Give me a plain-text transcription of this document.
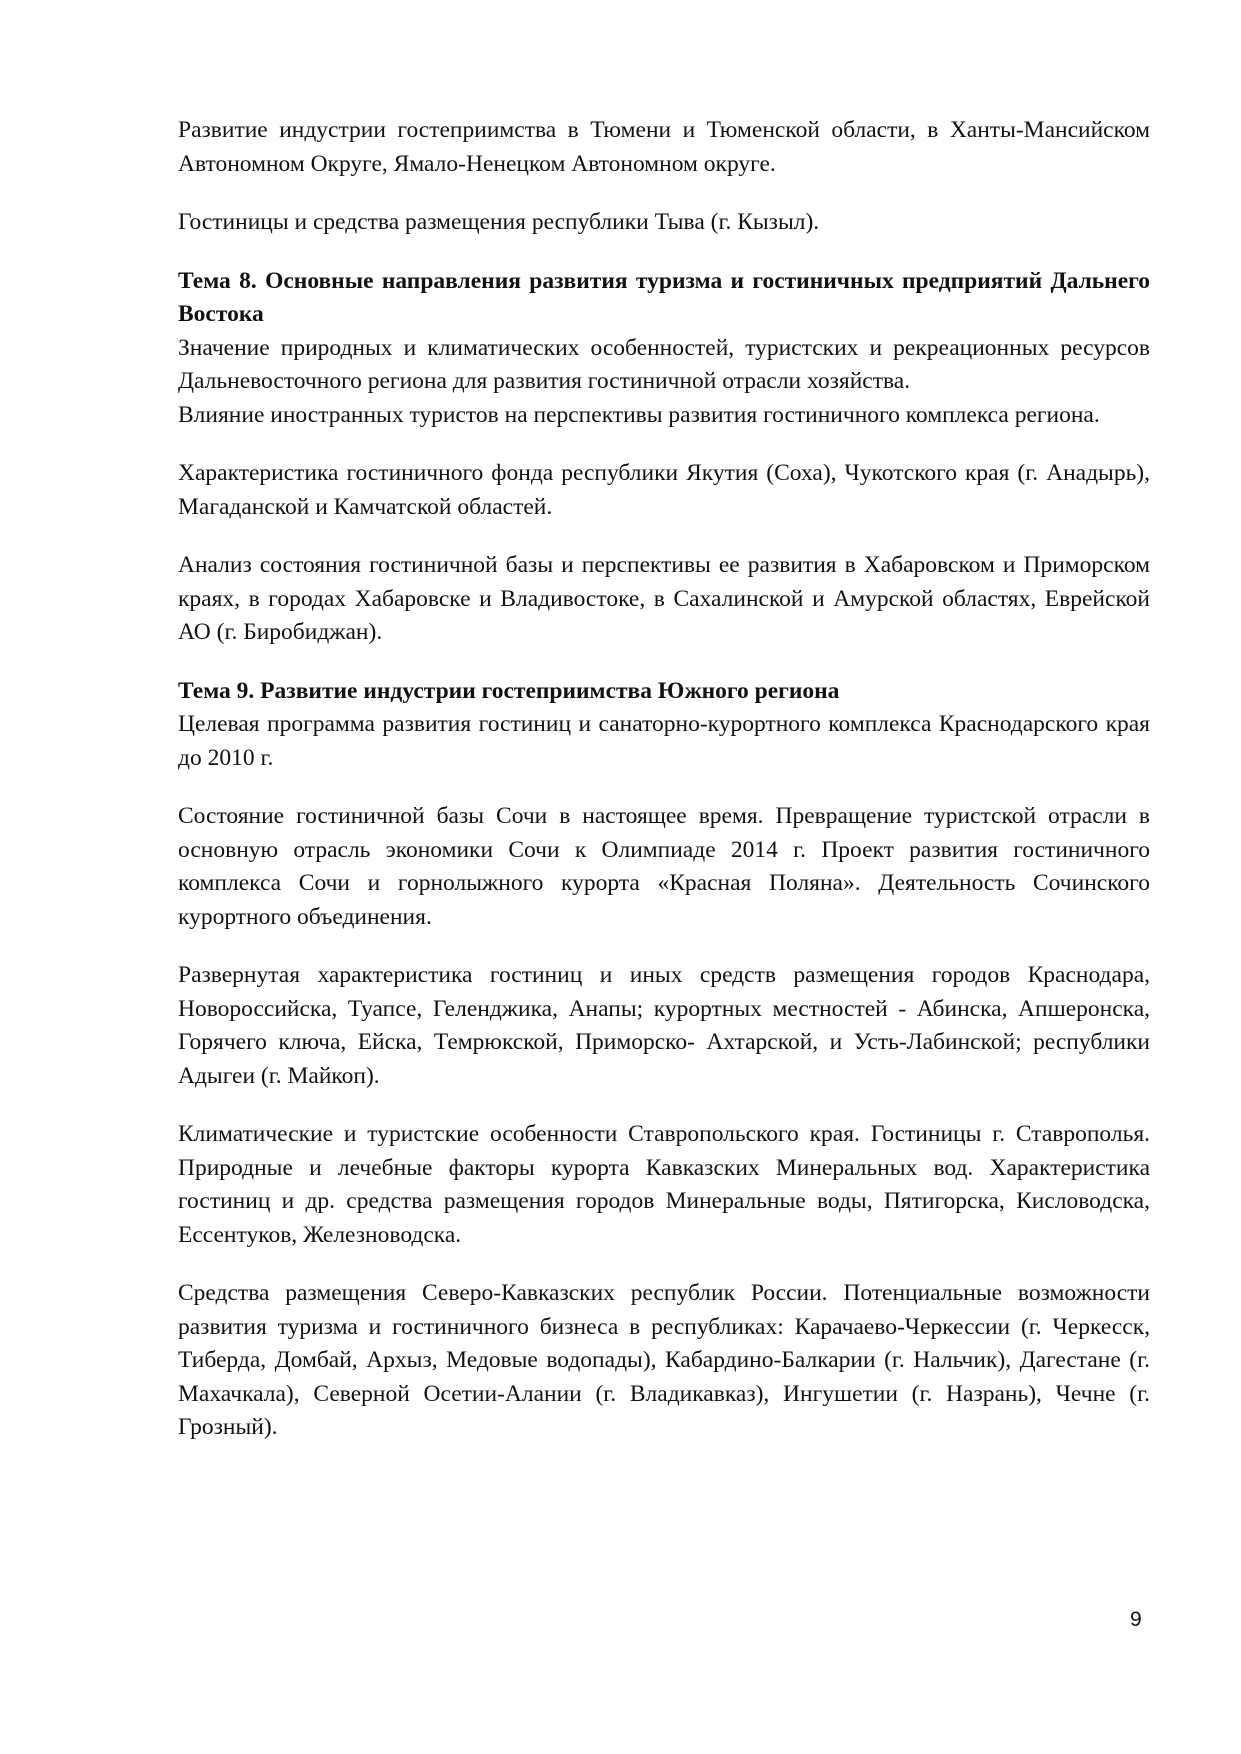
Развитие индустрии гостеприимства в Тюмени и Тюменской области, в Ханты-Мансийском Автономном Округе, Ямало-Ненецком Автономном округе.

Гостиницы и средства размещения республики Тыва (г. Кызыл).

Тема 8. Основные направления развития туризма и гостиничных предприятий Дальнего Востока

Значение природных и климатических особенностей, туристских и рекреационных ресурсов Дальневосточного региона для развития гостиничной отрасли хозяйства.

Влияние иностранных туристов на перспективы развития гостиничного комплекса региона.

Характеристика гостиничного фонда республики Якутия (Соха), Чукотского края (г. Анадырь), Магаданской и Камчатской областей.

Анализ состояния гостиничной базы и перспективы ее развития в Хабаровском и Приморском краях, в городах Хабаровске и Владивостоке, в Сахалинской и Амурской областях, Еврейской АО (г. Биробиджан).

Тема 9. Развитие индустрии гостеприимства Южного региона

Целевая программа развития гостиниц и санаторно-курортного комплекса Краснодарского края до 2010 г.

Состояние гостиничной базы Сочи в настоящее время. Превращение туристской отрасли в основную отрасль экономики Сочи к Олимпиаде 2014 г. Проект развития гостиничного комплекса Сочи и горнолыжного курорта «Красная Поляна». Деятельность Сочинского курортного объединения.

Развернутая характеристика гостиниц и иных средств размещения городов Краснодара, Новороссийска, Туапсе, Геленджика, Анапы; курортных местностей - Абинска, Апшеронска, Горячего ключа, Ейска, Темрюкской, Приморско- Ахтарской, и Усть-Лабинской; республики Адыгеи (г. Майкоп).

Климатические и туристские особенности Ставропольского края. Гостиницы г. Ставрополья. Природные и лечебные факторы курорта Кавказских Минеральных вод. Характеристика гостиниц и др. средства размещения городов Минеральные воды, Пятигорска, Кисловодска, Ессентуков, Железноводска.

Средства размещения Северо-Кавказских республик России. Потенциальные возможности развития туризма и гостиничного бизнеса в республиках: Карачаево-Черкессии (г. Черкесск, Тиберда, Домбай, Архыз, Медовые водопады), Кабардино-Балкарии (г. Нальчик), Дагестане (г. Махачкала), Северной Осетии-Алании (г. Владикавказ), Ингушетии (г. Назрань), Чечне (г. Грозный).

9
